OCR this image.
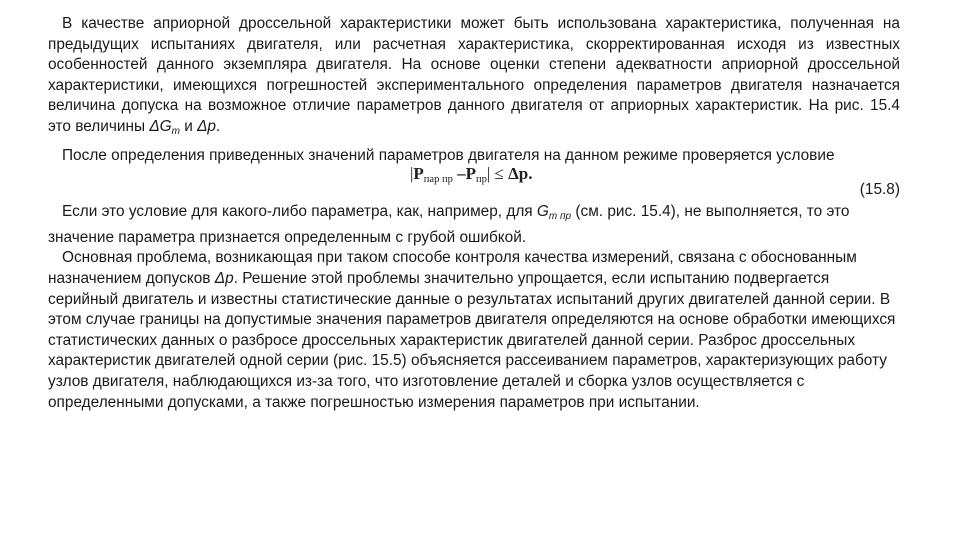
В качестве априорной дроссельной характеристики может быть использована характеристика, полученная на предыдущих испытаниях двигателя, или расчетная характеристика, скорректированная исходя из известных особенностей данного экземпляра двигателя. На основе оценки степени адекватности априорной дроссельной характеристики, имеющихся погрешностей экспериментального определения параметров двигателя назначается величина допуска на возможное отличие параметров данного двигателя от априорных характеристик. На рис. 15.4 это величины ΔGт и Δp.

После определения приведенных значений параметров двигателя на данном режиме проверяется условие

$|P_{пар пр}$ $-P_{пр}| \le \Delta p$.
(15.8)

Если это условие для какого-либо параметра, как, например, для Gт пр (см. рис. 15.4), не выполняется, то это значение параметра признается определенным с грубой ошибкой.

Основная проблема, возникающая при таком способе контроля качества измерений, связана с обоснованным назначением допусков Δp. Решение этой проблемы значительно упрощается, если испытанию подвергается серийный двигатель и известны статистические данные о результатах испытаний других двигателей данной серии. В этом случае границы на допустимые значения параметров двигателя определяются на основе обработки имеющихся статистических данных о разбросе дроссельных характеристик двигателей данной серии. Разброс дроссельных характеристик двигателей одной серии (рис. 15.5) объясняется рассеиванием параметров, характеризующих работу узлов двигателя, наблюдающихся из-за того, что изготовление деталей и сборка узлов осуществляется с определенными допусками, а также погрешностью измерения параметров при испытании.
